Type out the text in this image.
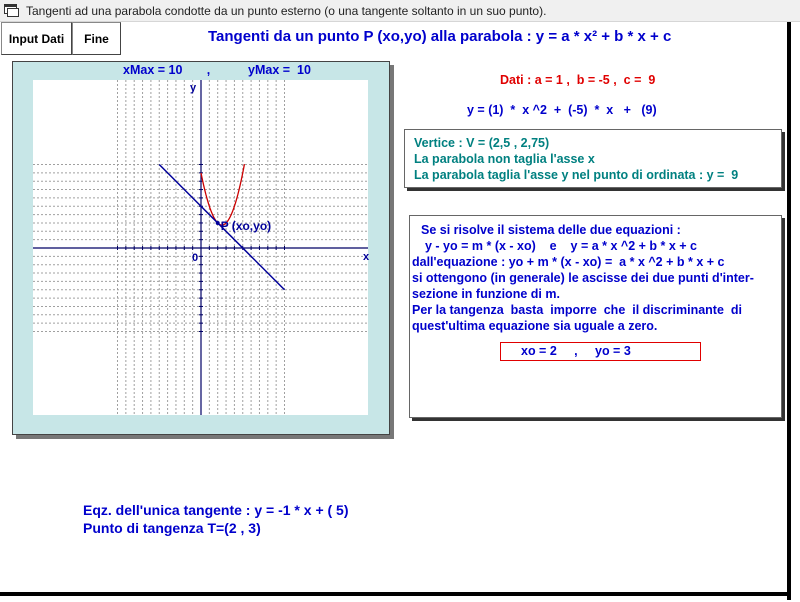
Tangenti ad una parabola condotte da un punto esterno (o una tangente soltanto in un suo punto).
Input Dati	Fine	Tangenti da un punto P (xo,yo) alla parabola : y = a * x² + b * x + c
xMax = 10       ,	yMax =  10
y
x
0
P (xo,yo)
Dati : a = 1 ,  b = -5 ,  c =  9
y = (1)  *  x ^2  +  (-5)  *  x   +   (9)
Vertice : V = (2,5 , 2,75)
La parabola non taglia l'asse x
La parabola taglia l'asse y nel punto di ordinata : y =  9
Se si risolve il sistema delle due equazioni :
y - yo = m * (x - xo)    e    y = a * x ^2 + b * x + c
dall'equazione : yo + m * (x - xo) =  a * x ^2 + b * x + c
si ottengono (in generale) le ascisse dei due punti d'inter-
sezione in funzione di m.
Per la tangenza  basta  imporre  che  il discriminante  di
quest'ultima equazione sia uguale a zero.
xo = 2     ,     yo = 3
Eqz. dell'unica tangente : y = -1 * x + ( 5)
Punto di tangenza T=(2 , 3)
